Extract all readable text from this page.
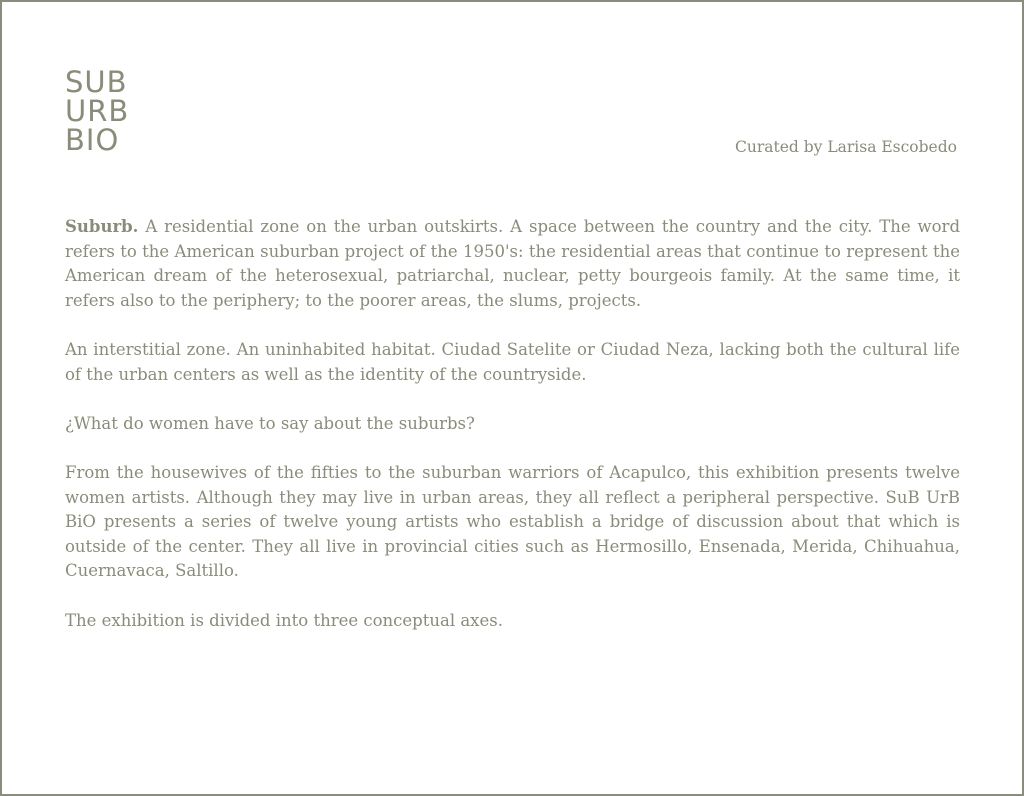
SUB
URB
BIO	Curated by Larisa Escobedo

Suburb. A residential zone on the urban outskirts. A space between the country and the city. The word refers to the American suburban project of the 1950's: the residential areas that continue to represent the American dream of the heterosexual, patriarchal, nuclear, petty bourgeois family. At the same time, it refers also to the periphery; to the poorer areas, the slums, projects.

An interstitial zone. An uninhabited habitat. Ciudad Satelite or Ciudad Neza, lacking both the cultural life of the urban centers as well as the identity of the countryside.

¿What do women have to say about the suburbs?

From the housewives of the fifties to the suburban warriors of Acapulco, this exhibition presents twelve women artists. Although they may live in urban areas, they all reflect a peripheral perspective. SuB UrB BiO presents a series of twelve young artists who establish a bridge of discussion about that which is outside of the center. They all live in provincial cities such as Hermosillo, Ensenada, Merida, Chihuahua, Cuernavaca, Saltillo.

The exhibition is divided into three conceptual axes.
